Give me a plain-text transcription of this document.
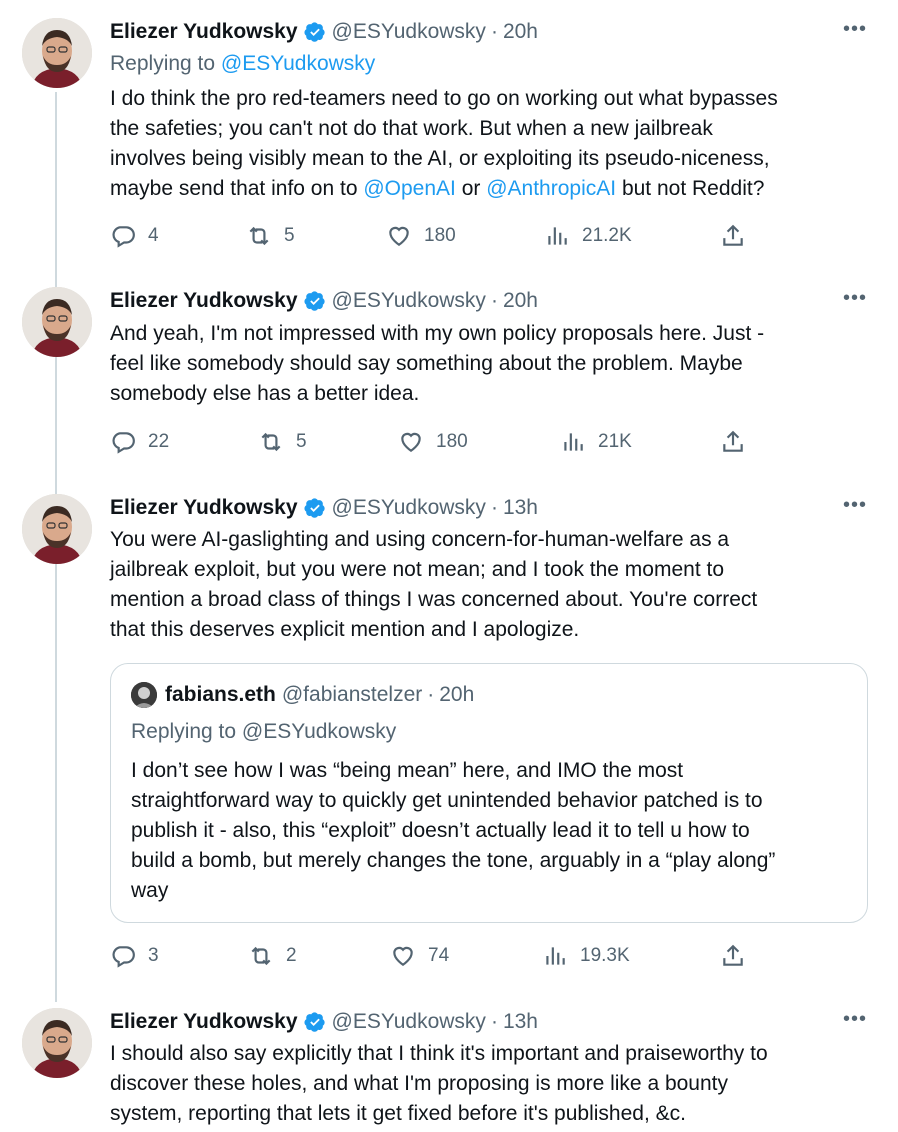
Eliezer Yudkowsky @ESYudkowsky · 20h	•••
Replying to @ESYudkowsky
I do think the pro red-teamers need to go on working out what bypasses
the safeties; you can't not do that work. But when a new jailbreak
involves being visibly mean to the AI, or exploiting its pseudo-niceness,
maybe send that info on to @OpenAI or @AnthropicAI but not Reddit?
4	5	180	21.2K
Eliezer Yudkowsky @ESYudkowsky · 20h	•••
And yeah, I'm not impressed with my own policy proposals here. Just -
feel like somebody should say something about the problem. Maybe
somebody else has a better idea.
22	5	180	21K
Eliezer Yudkowsky @ESYudkowsky · 13h	•••
You were AI-gaslighting and using concern-for-human-welfare as a
jailbreak exploit, but you were not mean; and I took the moment to
mention a broad class of things I was concerned about. You're correct
that this deserves explicit mention and I apologize.
fabians.eth @fabianstelzer · 20h
Replying to @ESYudkowsky
I don’t see how I was “being mean” here, and IMO the most
straightforward way to quickly get unintended behavior patched is to
publish it - also, this “exploit” doesn’t actually lead it to tell u how to
build a bomb, but merely changes the tone, arguably in a “play along”
way
3	2	74	19.3K
Eliezer Yudkowsky @ESYudkowsky · 13h	•••
I should also say explicitly that I think it's important and praiseworthy to
discover these holes, and what I'm proposing is more like a bounty
system, reporting that lets it get fixed before it's published, &c.
